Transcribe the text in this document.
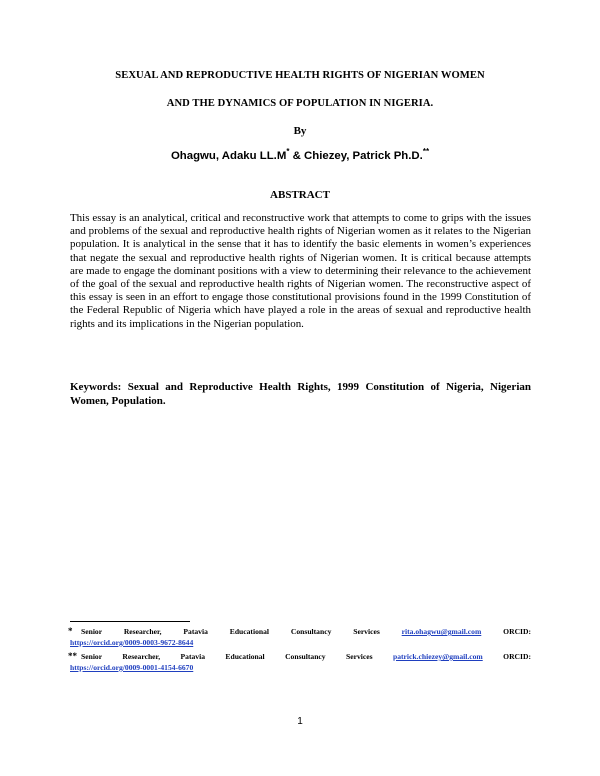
SEXUAL AND REPRODUCTIVE HEALTH RIGHTS OF NIGERIAN WOMEN
AND THE DYNAMICS OF POPULATION IN NIGERIA.
By
Ohagwu, Adaku LL.M* & Chiezey, Patrick Ph.D.**
ABSTRACT
This essay is an analytical, critical and reconstructive work that attempts to come to grips with the issues and problems of the sexual and reproductive health rights of Nigerian women as it relates to the Nigerian population. It is analytical in the sense that it has to identify the basic elements in women’s experiences that negate the sexual and reproductive health rights of Nigerian women. It is critical because attempts are made to engage the dominant positions with a view to determining their relevance to the achievement of the goal of the sexual and reproductive health rights of Nigerian women. The reconstructive aspect of this essay is seen in an effort to engage those constitutional provisions found in the 1999 Constitution of the Federal Republic of Nigeria which have played a role in the areas of sexual and reproductive health rights and its implications in the Nigerian population.
Keywords: Sexual and Reproductive Health Rights, 1999 Constitution of Nigeria, Nigerian Women, Population.
*	Senior Researcher, Patavia Educational Consultancy Services	rita.ohagwu@gmail.com	ORCID:
https://orcid.org/0009-0003-9672-8644
** Senior Researcher, Patavia Educational Consultancy Services	patrick.chiezey@gmail.com	ORCID:
https://orcid.org/0009-0001-4154-6670
1
